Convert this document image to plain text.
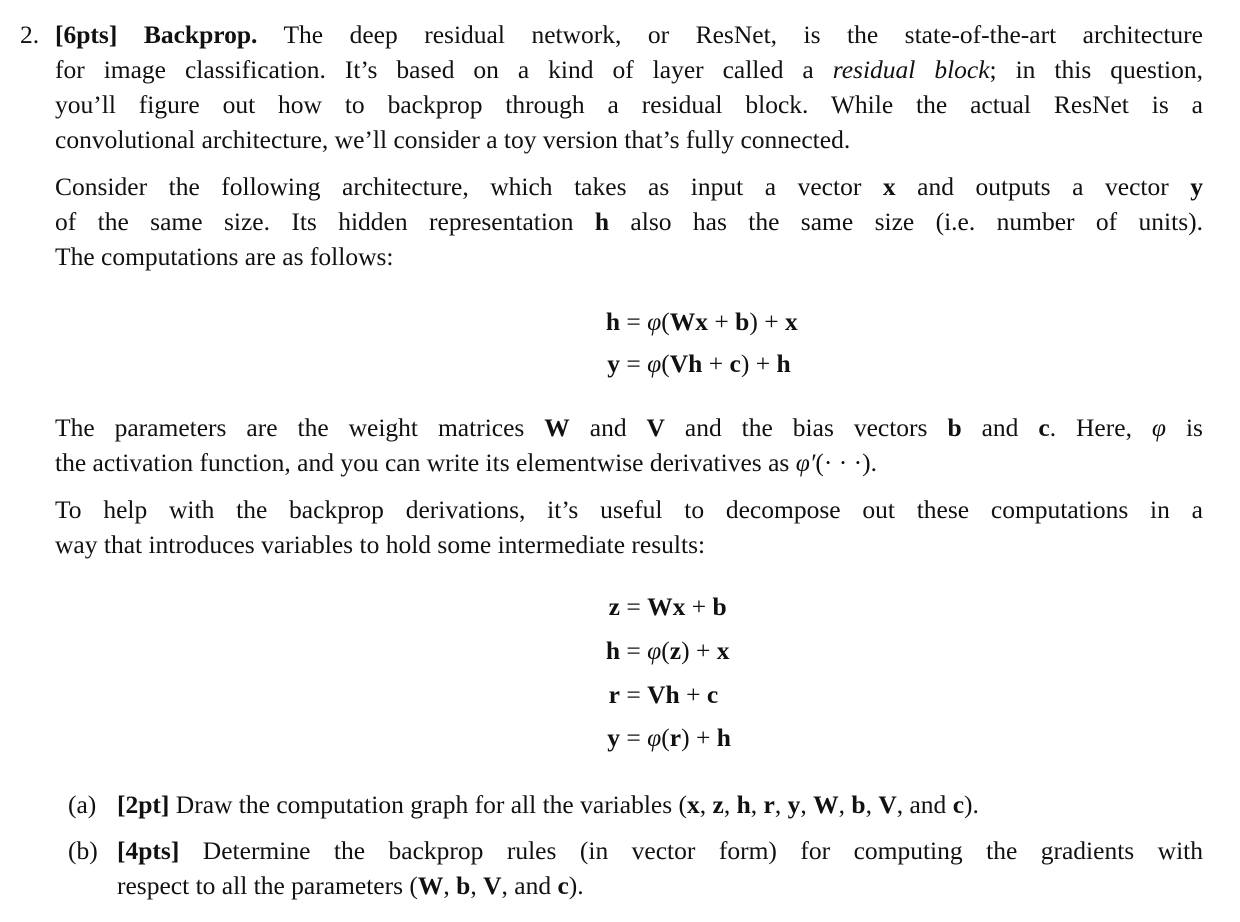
2. [6pts] Backprop. The deep residual network, or ResNet, is the state-of-the-art architecture
for image classification. It’s based on a kind of layer called a residual block; in this question,
you’ll figure out how to backprop through a residual block. While the actual ResNet is a
convolutional architecture, we’ll consider a toy version that’s fully connected.
Consider the following architecture, which takes as input a vector x and outputs a vector y
of the same size. Its hidden representation h also has the same size (i.e. number of units).
The computations are as follows:
The parameters are the weight matrices W and V and the bias vectors b and c. Here, φ is
the activation function, and you can write its elementwise derivatives as φ′(· · ·).
To help with the backprop derivations, it’s useful to decompose out these computations in a
way that introduces variables to hold some intermediate results:
h = φ(Wx + b) + x
y = φ(Vh + c) + h
z = Wx + b
h = φ(z) + x
r = Vh + c
y = φ(r) + h
(a) [2pt] Draw the computation graph for all the variables (x, z, h, r, y, W, b, V, and c).
(b) [4pts] Determine the backprop rules (in vector form) for computing the gradients with
respect to all the parameters (W, b, V, and c).
